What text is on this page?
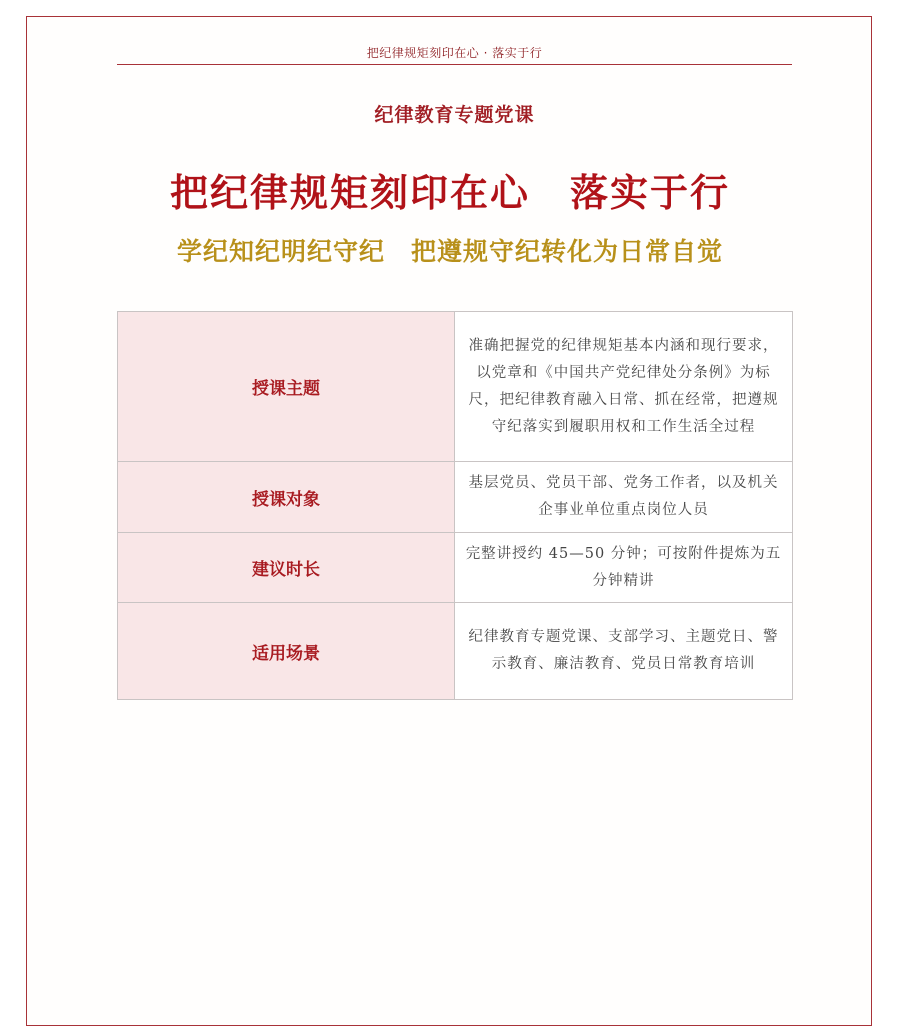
把纪律规矩刻印在心 · 落实于行
纪律教育专题党课
把纪律规矩刻印在心　落实于行
学纪知纪明纪守纪　把遵规守纪转化为日常自觉
授课主题	准确把握党的纪律规矩基本内涵和现行要求，以党章和《中国共产党纪律处分条例》为标尺，把纪律教育融入日常、抓在经常，把遵规守纪落实到履职用权和工作生活全过程
授课对象	基层党员、党员干部、党务工作者，以及机关企事业单位重点岗位人员
建议时长	完整讲授约 45—50 分钟；可按附件提炼为五分钟精讲
适用场景	纪律教育专题党课、支部学习、主题党日、警示教育、廉洁教育、党员日常教育培训
